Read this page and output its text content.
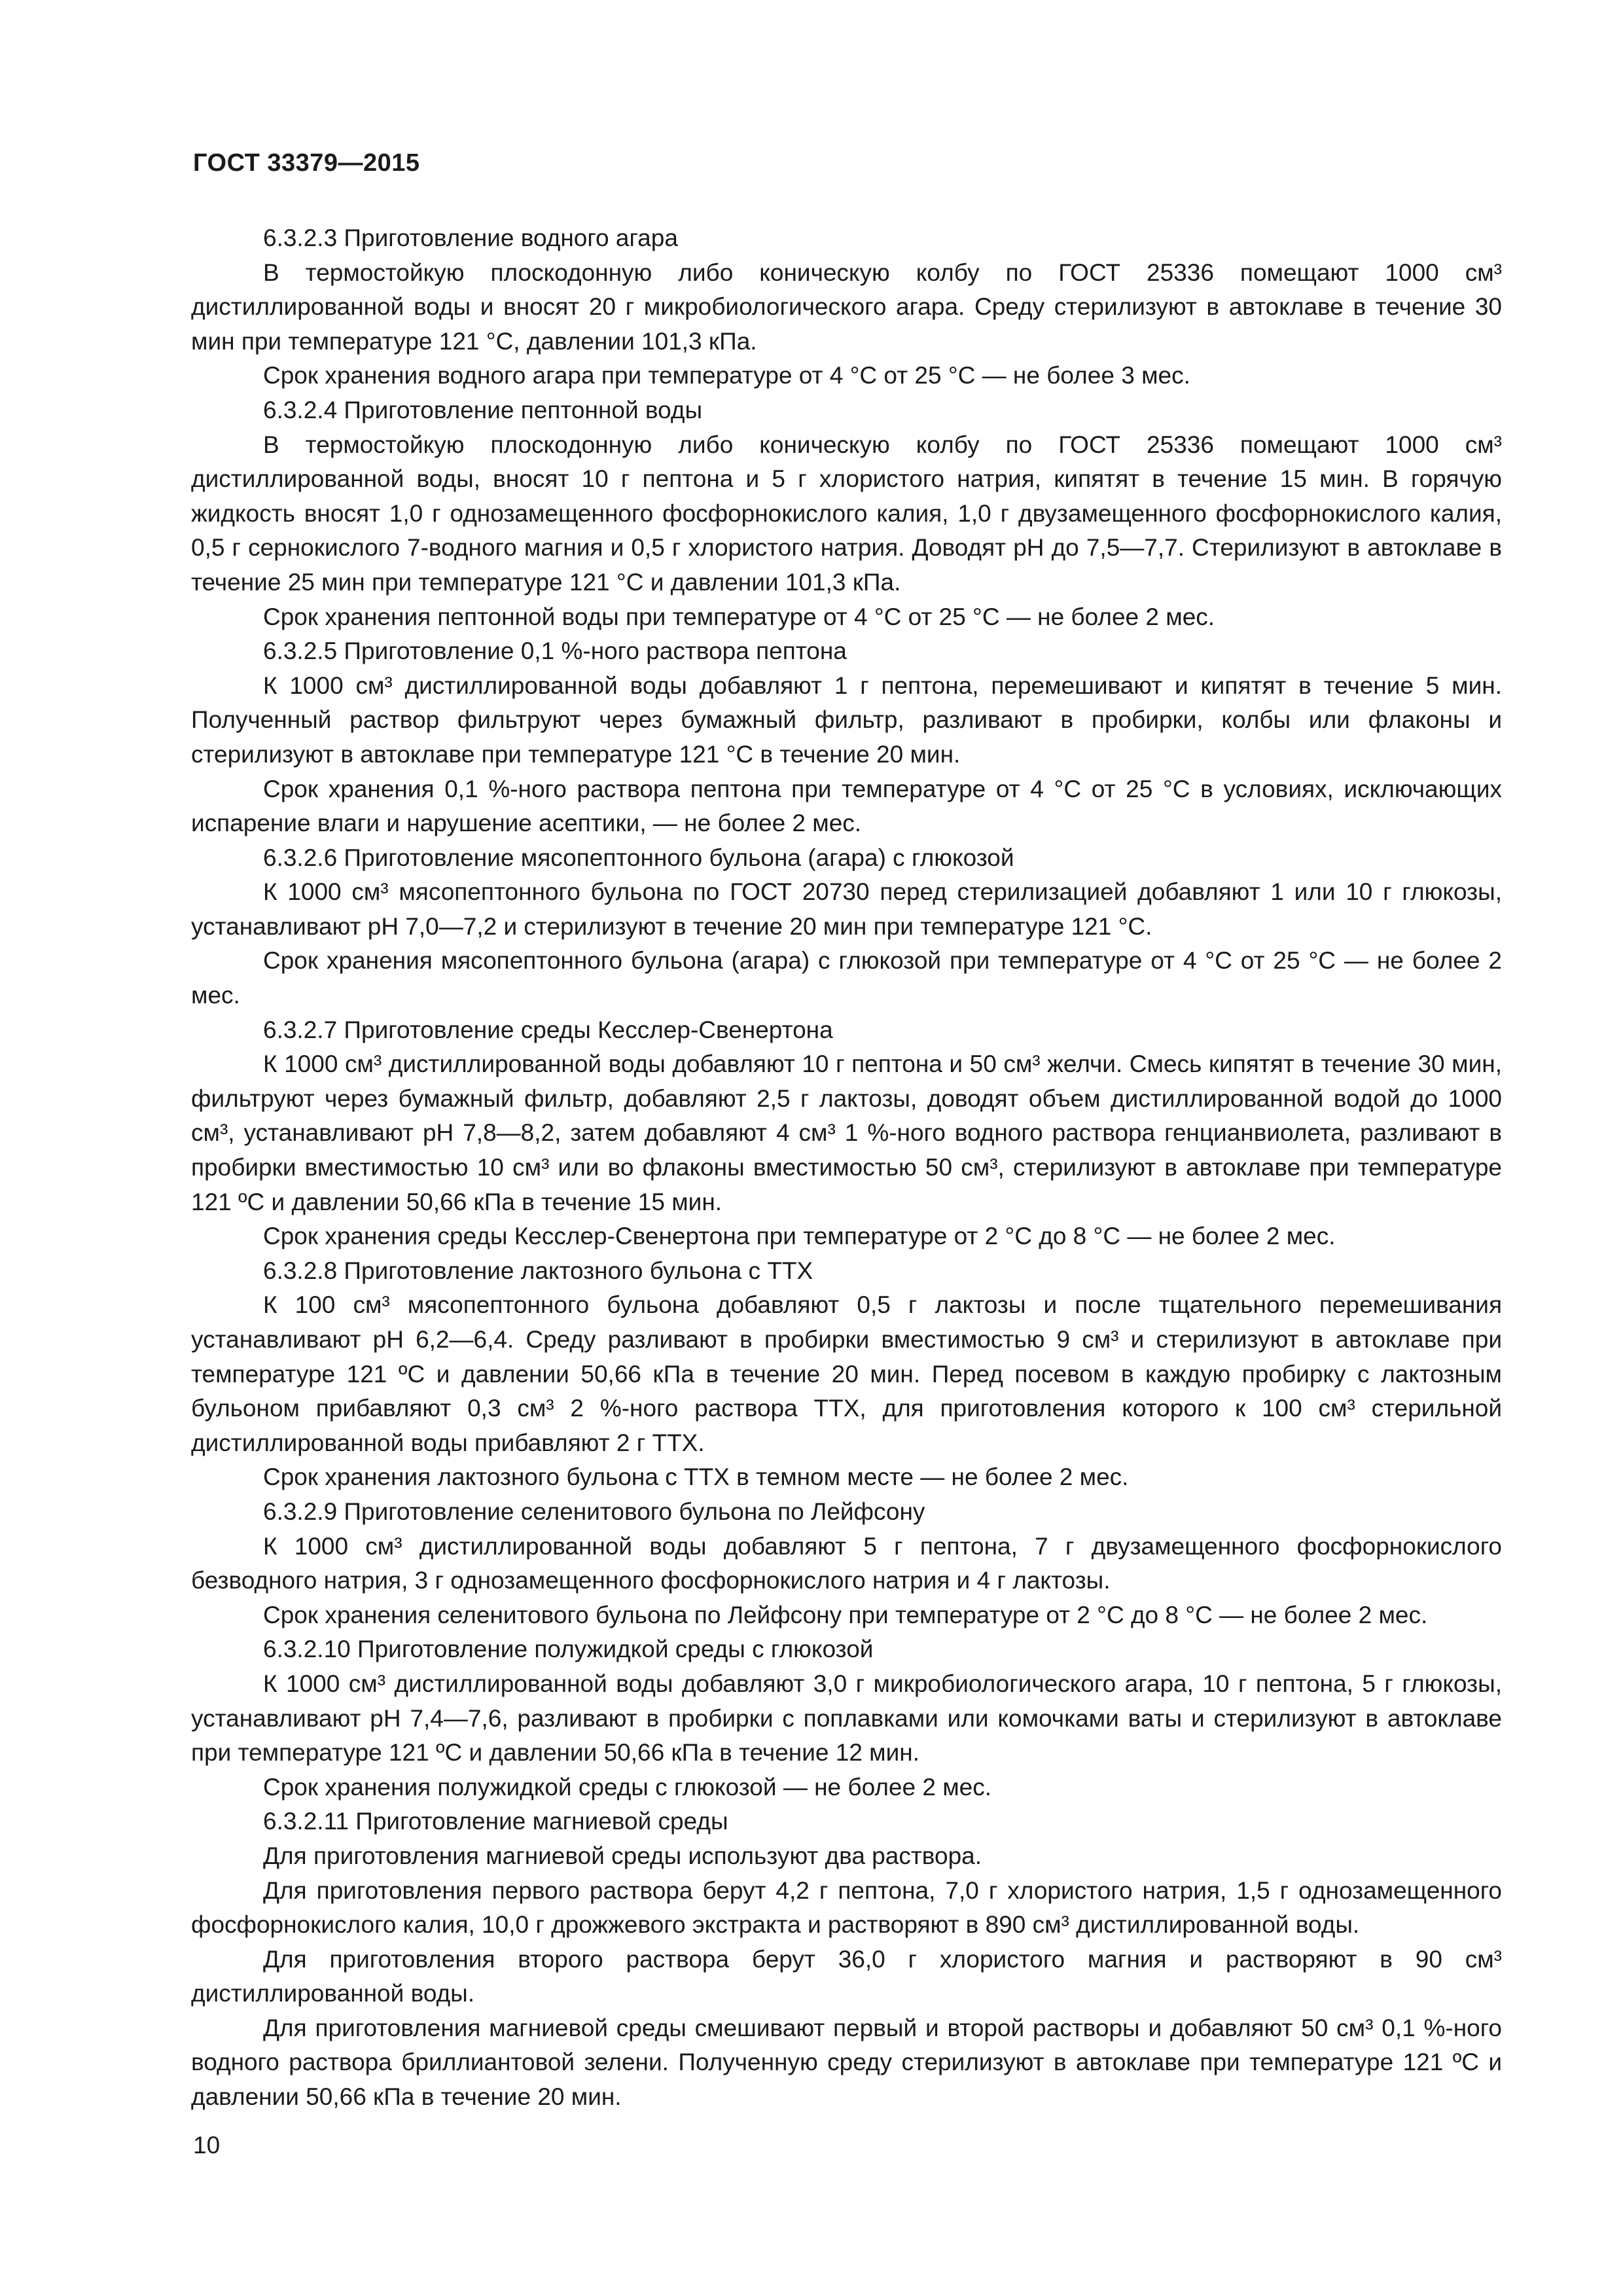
ГОСТ 33379—2015

6.3.2.3 Приготовление водного агара

В термостойкую плоскодонную либо коническую колбу по ГОСТ 25336 помещают 1000 см³ дистиллированной воды и вносят 20 г микробиологического агара. Среду стерилизуют в автоклаве в течение 30 мин при температуре 121 °С, давлении 101,3 кПа.

Срок хранения водного агара при температуре от 4 °С от 25 °С — не более 3 мес.

6.3.2.4 Приготовление пептонной воды

В термостойкую плоскодонную либо коническую колбу по ГОСТ 25336 помещают 1000 см³ дистиллированной воды, вносят 10 г пептона и 5 г хлористого натрия, кипятят в течение 15 мин. В горячую жидкость вносят 1,0 г однозамещенного фосфорнокислого калия, 1,0 г двузамещенного фосфорнокислого калия, 0,5 г сернокислого 7-водного магния и 0,5 г хлористого натрия. Доводят рН до 7,5—7,7. Стерилизуют в автоклаве в течение 25 мин при температуре 121 °С и давлении 101,3 кПа.

Срок хранения пептонной воды при температуре от 4 °С от 25 °С — не более 2 мес.

6.3.2.5 Приготовление 0,1 %-ного раствора пептона

К 1000 см³ дистиллированной воды добавляют 1 г пептона, перемешивают и кипятят в течение 5 мин. Полученный раствор фильтруют через бумажный фильтр, разливают в пробирки, колбы или флаконы и стерилизуют в автоклаве при температуре 121 °С в течение 20 мин.

Срок хранения 0,1 %-ного раствора пептона при температуре от 4 °С от 25 °С в условиях, исключающих испарение влаги и нарушение асептики, — не более 2 мес.

6.3.2.6 Приготовление мясопептонного бульона (агара) с глюкозой

К 1000 см³ мясопептонного бульона по ГОСТ 20730 перед стерилизацией добавляют 1 или 10 г глюкозы, устанавливают рН 7,0—7,2 и стерилизуют в течение 20 мин при температуре 121 °С.

Срок хранения мясопептонного бульона (агара) с глюкозой при температуре от 4 °С от 25 °С — не более 2 мес.

6.3.2.7 Приготовление среды Кесслер-Свенертона

К 1000 см³ дистиллированной воды добавляют 10 г пептона и 50 см³ желчи. Смесь кипятят в течение 30 мин, фильтруют через бумажный фильтр, добавляют 2,5 г лактозы, доводят объем дистиллированной водой до 1000 см³, устанавливают рН 7,8—8,2, затем добавляют 4 см³ 1 %-ного водного раствора генцианвиолета, разливают в пробирки вместимостью 10 см³ или во флаконы вместимостью 50 см³, стерилизуют в автоклаве при температуре 121 ºС и давлении 50,66 кПа в течение 15 мин.

Срок хранения среды Кесслер-Свенертона при температуре от 2 °С до 8 °С — не более 2 мес.

6.3.2.8 Приготовление лактозного бульона с ТТХ

К 100 см³ мясопептонного бульона добавляют 0,5 г лактозы и после тщательного перемешивания устанавливают рН 6,2—6,4. Среду разливают в пробирки вместимостью 9 см³ и стерилизуют в автоклаве при температуре 121 ºС и давлении 50,66 кПа в течение 20 мин. Перед посевом в каждую пробирку с лактозным бульоном прибавляют 0,3 см³ 2 %-ного раствора ТТХ, для приготовления которого к 100 см³ стерильной дистиллированной воды прибавляют 2 г ТТХ.

Срок хранения лактозного бульона с ТТХ в темном месте — не более 2 мес.

6.3.2.9 Приготовление селенитового бульона по Лейфсону

К 1000 см³ дистиллированной воды добавляют 5 г пептона, 7 г двузамещенного фосфорнокислого безводного натрия, 3 г однозамещенного фосфорнокислого натрия и 4 г лактозы.

Срок хранения селенитового бульона по Лейфсону при температуре от 2 °С до 8 °С — не более 2 мес.

6.3.2.10 Приготовление полужидкой среды с глюкозой

К 1000 см³ дистиллированной воды добавляют 3,0 г микробиологического агара, 10 г пептона, 5 г глюкозы, устанавливают рН 7,4—7,6, разливают в пробирки с поплавками или комочками ваты и стерилизуют в автоклаве при температуре 121 ºС и давлении 50,66 кПа в течение 12 мин.

Срок хранения полужидкой среды с глюкозой — не более 2 мес.

6.3.2.11 Приготовление магниевой среды

Для приготовления магниевой среды используют два раствора.

Для приготовления первого раствора берут 4,2 г пептона, 7,0 г хлористого натрия, 1,5 г однозамещенного фосфорнокислого калия, 10,0 г дрожжевого экстракта и растворяют в 890 см³ дистиллированной воды.

Для приготовления второго раствора берут 36,0 г хлористого магния и растворяют в 90 см³ дистиллированной воды.

Для приготовления магниевой среды смешивают первый и второй растворы и добавляют 50 см³ 0,1 %-ного водного раствора бриллиантовой зелени. Полученную среду стерилизуют в автоклаве при температуре 121 ºС и давлении 50,66 кПа в течение 20 мин.

10
